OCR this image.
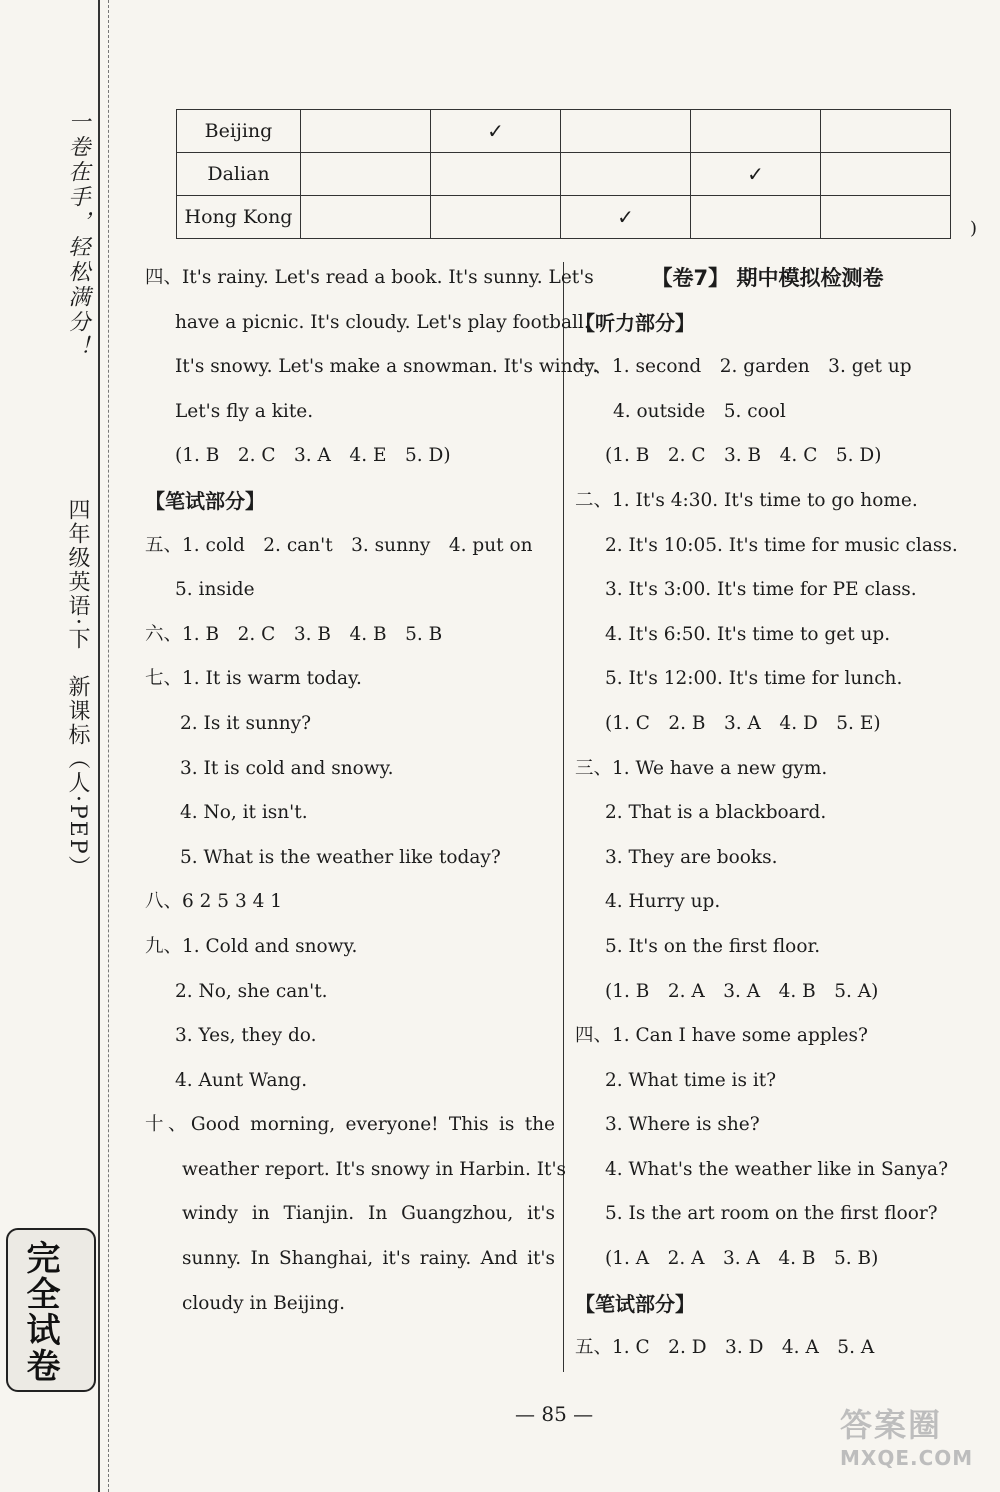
一卷在手，轻松满分！
四年级英语·下　新课标（人·PEP）
完全试卷
Beijing		✓			
Dalian				✓	
Hong Kong			✓			)
四、It's rainy. Let's read a book. It's sunny. Let's
have a picnic. It's cloudy. Let's play football.
It's snowy. Let's make a snowman. It's windy.
Let's fly a kite.
(1. B　2. C　3. A　4. E　5. D)
【笔试部分】
五、1. cold　2. can't　3. sunny　4. put on
5. inside
六、1. B　2. C　3. B　4. B　5. B
七、1. It is warm today.
2. Is it sunny?
3. It is cold and snowy.
4. No, it isn't.
5. What is the weather like today?
八、6 2 5 3 4 1
九、1. Cold and snowy.
2. No, she can't.
3. Yes, they do.
4. Aunt Wang.
十、Good morning, everyone! This is the
weather report. It's snowy in Harbin. It's
windy in Tianjin. In Guangzhou, it's
sunny. In Shanghai, it's rainy. And it's
cloudy in Beijing.
【卷7】 期中模拟检测卷
【听力部分】
一、1. second　2. garden　3. get up
4. outside　5. cool
(1. B　2. C　3. B　4. C　5. D)
二、1. It's 4:30. It's time to go home.
2. It's 10:05. It's time for music class.
3. It's 3:00. It's time for PE class.
4. It's 6:50. It's time to get up.
5. It's 12:00. It's time for lunch.
(1. C　2. B　3. A　4. D　5. E)
三、1. We have a new gym.
2. That is a blackboard.
3. They are books.
4. Hurry up.
5. It's on the first floor.
(1. B　2. A　3. A　4. B　5. A)
四、1. Can I have some apples?
2. What time is it?
3. Where is she?
4. What's the weather like in Sanya?
5. Is the art room on the first floor?
(1. A　2. A　3. A　4. B　5. B)
【笔试部分】
五、1. C　2. D　3. D　4. A　5. A
— 85 —	答案圈
MXQE.COM
